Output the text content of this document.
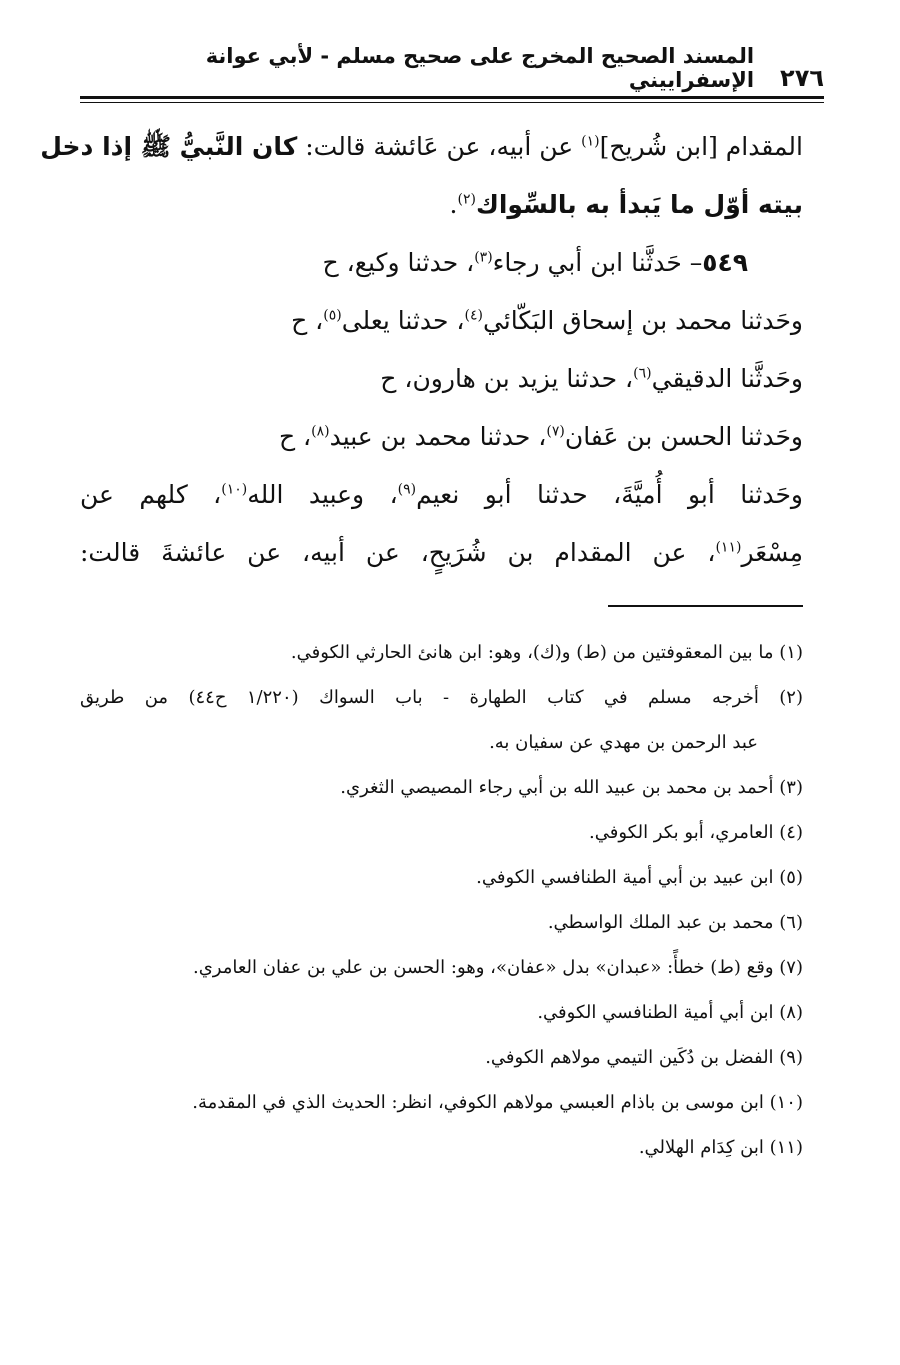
٢٧٦
المسند الصحيح المخرج على صحيح مسلم - لأبي عوانة الإسفراييني
المقدام [ابن شُريح]$^{(١)}$ عن أبيه، عن عَائشة قالت: كان النَّبيُّ ﷺ إذا دخل
بيته أوّل ما يَبدأ به بالسِّواك$^{(٢)}$.
٥٤٩– حَدثَّنا ابن أبي رجاء$^{(٣)}$، حدثنا وكيع، ح
وحَدثنا محمد بن إسحاق البَكّائي$^{(٤)}$، حدثنا يعلى$^{(٥)}$، ح
وحَدثَّنا الدقيقي$^{(٦)}$، حدثنا يزيد بن هارون، ح
وحَدثنا الحسن بن عَفان$^{(٧)}$، حدثنا محمد بن عبيد$^{(٨)}$، ح
وحَدثنا أبو أُميَّةَ، حدثنا أبو نعيم$^{(٩)}$، وعبيد الله$^{(١٠)}$، كلهم عن
مِسْعَر$^{(١١)}$، عن المقدام بن شُرَيحٍ، عن أبيه، عن عائشةَ قالت:
(١) ما بين المعقوفتين من (ط) و(ك)، وهو: ابن هانئ الحارثي الكوفي.
(٢) أخرجه مسلم في كتاب الطهارة - باب السواك (١/٢٢٠ ح٤٤) من طريق
عبد الرحمن بن مهدي عن سفيان به.
(٣) أحمد بن محمد بن عبيد الله بن أبي رجاء المصيصي الثغري.
(٤) العامري، أبو بكر الكوفي.
(٥) ابن عبيد بن أبي أمية الطنافسي الكوفي.
(٦) محمد بن عبد الملك الواسطي.
(٧) وقع (ط) خطأً: «عبدان» بدل «عفان»، وهو: الحسن بن علي بن عفان العامري.
(٨) ابن أبي أمية الطنافسي الكوفي.
(٩) الفضل بن دُكَين التيمي مولاهم الكوفي.
(١٠) ابن موسى بن باذام العبسي مولاهم الكوفي، انظر: الحديث الذي في المقدمة.
(١١) ابن كِدَام الهلالي.
